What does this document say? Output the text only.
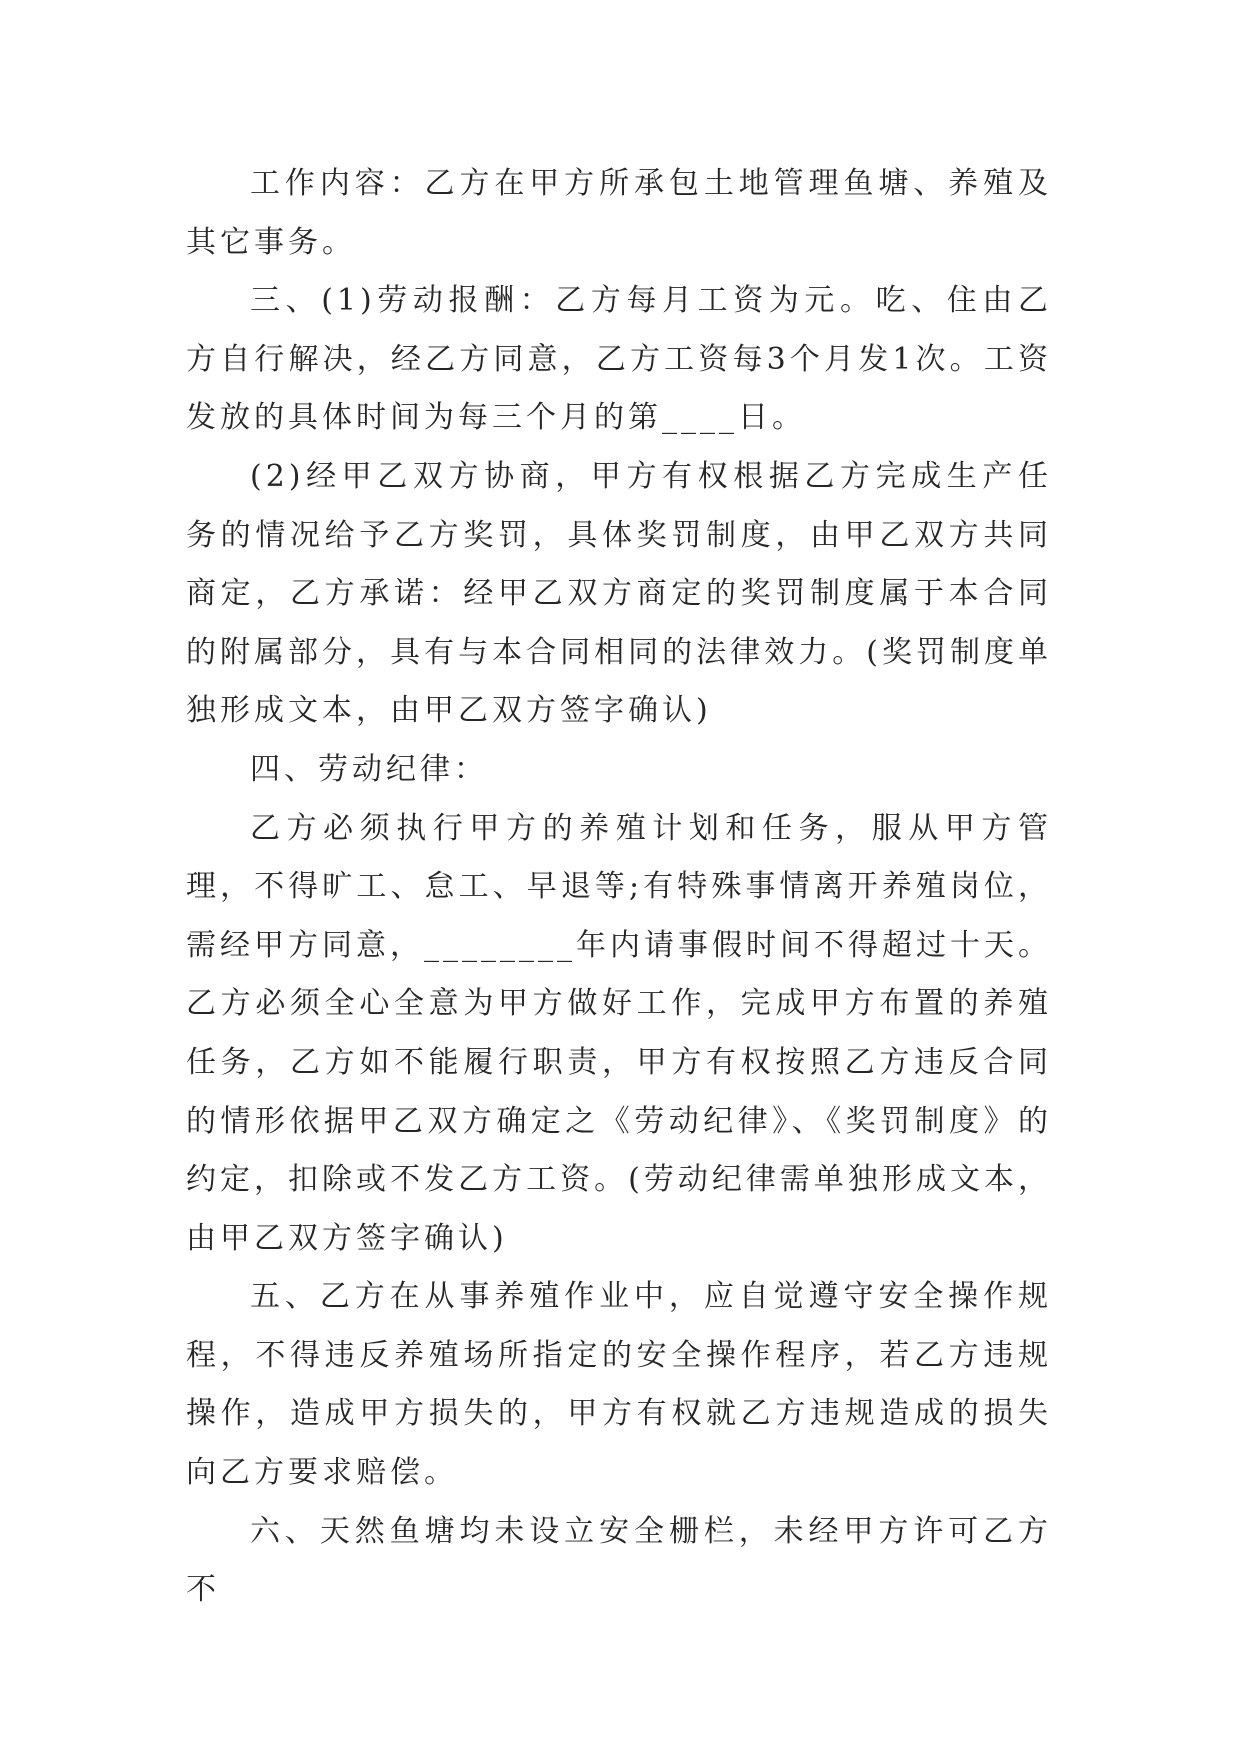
工作内容：乙方在甲方所承包土地管理鱼塘、养殖及其它事务。

三、(1)劳动报酬：乙方每月工资为元。吃、住由乙方自行解决，经乙方同意，乙方工资每3个月发1次。工资发放的具体时间为每三个月的第____日。

(2)经甲乙双方协商，甲方有权根据乙方完成生产任务的情况给予乙方奖罚，具体奖罚制度，由甲乙双方共同商定，乙方承诺：经甲乙双方商定的奖罚制度属于本合同的附属部分，具有与本合同相同的法律效力。(奖罚制度单独形成文本，由甲乙双方签字确认)

四、劳动纪律：

乙方必须执行甲方的养殖计划和任务，服从甲方管理，不得旷工、怠工、早退等;有特殊事情离开养殖岗位，需经甲方同意，________年内请事假时间不得超过十天。乙方必须全心全意为甲方做好工作，完成甲方布置的养殖任务，乙方如不能履行职责，甲方有权按照乙方违反合同的情形依据甲乙双方确定之《劳动纪律》、《奖罚制度》的约定，扣除或不发乙方工资。(劳动纪律需单独形成文本，由甲乙双方签字确认)

五、乙方在从事养殖作业中，应自觉遵守安全操作规程，不得违反养殖场所指定的安全操作程序，若乙方违规操作，造成甲方损失的，甲方有权就乙方违规造成的损失向乙方要求赔偿。

六、天然鱼塘均未设立安全栅栏，未经甲方许可乙方不
